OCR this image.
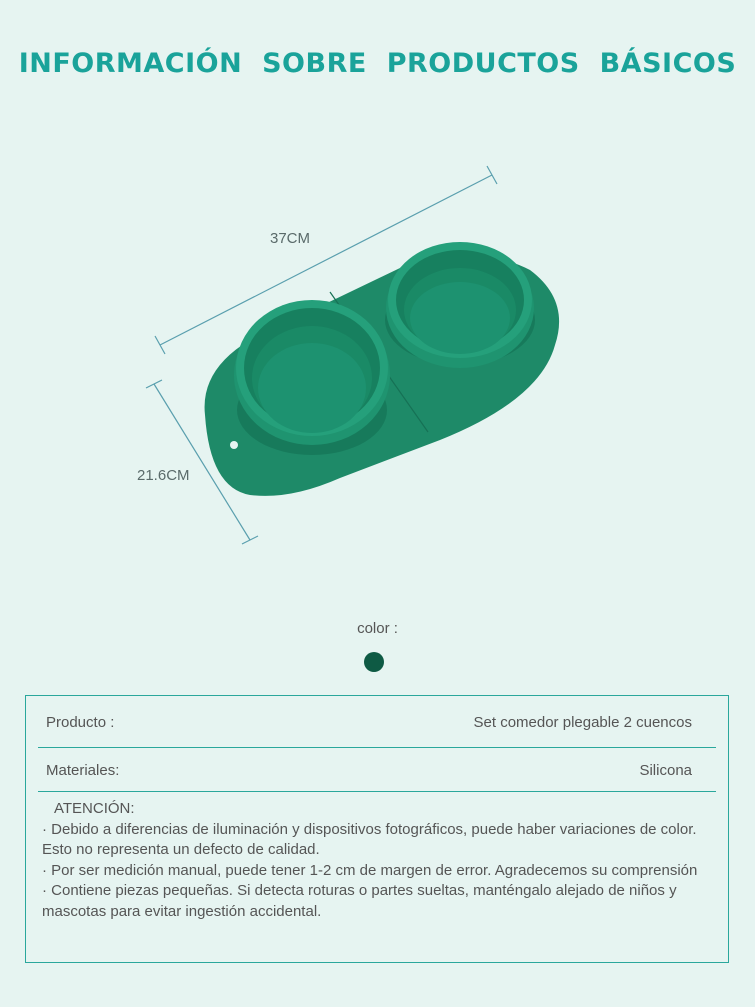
INFORMACIÓN SOBRE PRODUCTOS BÁSICOS
37CM
21.6CM
color :
Producto :	Set comedor plegable 2 cuencos
Materiales:	Silicona

ATENCIÓN:

· Debido a diferencias de iluminación y dispositivos fotográficos, puede haber variaciones de color. Esto no representa un defecto de calidad.

· Por ser medición manual, puede tener 1-2 cm de margen de error. Agradecemos su comprensión

· Contiene piezas pequeñas. Si detecta roturas o partes sueltas, manténgalo alejado de niños y mascotas para evitar ingestión accidental.
